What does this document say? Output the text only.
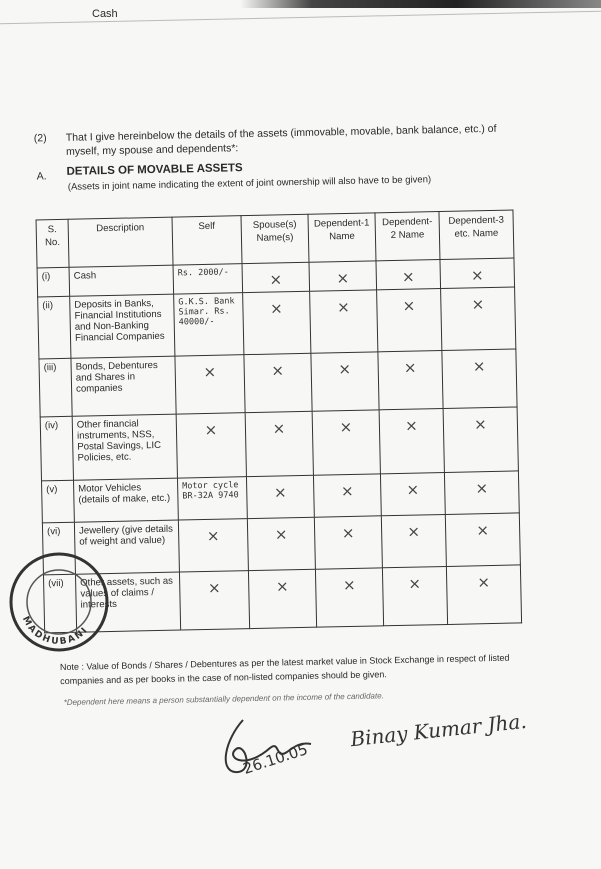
Cash
(2) That I give hereinbelow the details of the assets (immovable, movable, bank balance, etc.) of
myself, my spouse and dependents*:
A. DETAILS OF MOVABLE ASSETS
(Assets in joint name indicating the extent of joint ownership will also have to be given)
S. No.	Description	Self	Spouse(s) Name(s)	Dependent-1 Name	Dependent-2 Name	Dependent-3 etc. Name
(i)	Cash	Rs. 2000/-	×	×	×	×

(ii)	Deposits in Banks, Financial Institutions and Non-Banking Financial Companies	G.K.S. Bank Simar. Rs. 40000/-	×	×	×	×

(iii)	Bonds, Debentures and Shares in companies	×	×	×	×	×

(iv)	Other financial instruments, NSS, Postal Savings, LIC Policies, etc.	×	×	×	×	×

(v)	Motor Vehicles (details of make, etc.)	Motor cycle BR-32A 9740	×	×	×	×

(vi)	Jewellery (give details of weight and value)	×	×	×	×	×

(vii)	Other assets, such as values of claims / interests	×	×	×	×	×
Note : Value of Bonds / Shares / Debentures as per the latest market value in Stock Exchange in respect of listed companies and as per books in the case of non-listed companies should be given.
*Dependent here means a person substantially dependent on the income of the candidate.
MADHUBANI
26.10.05
Binay Kumar Jha.
